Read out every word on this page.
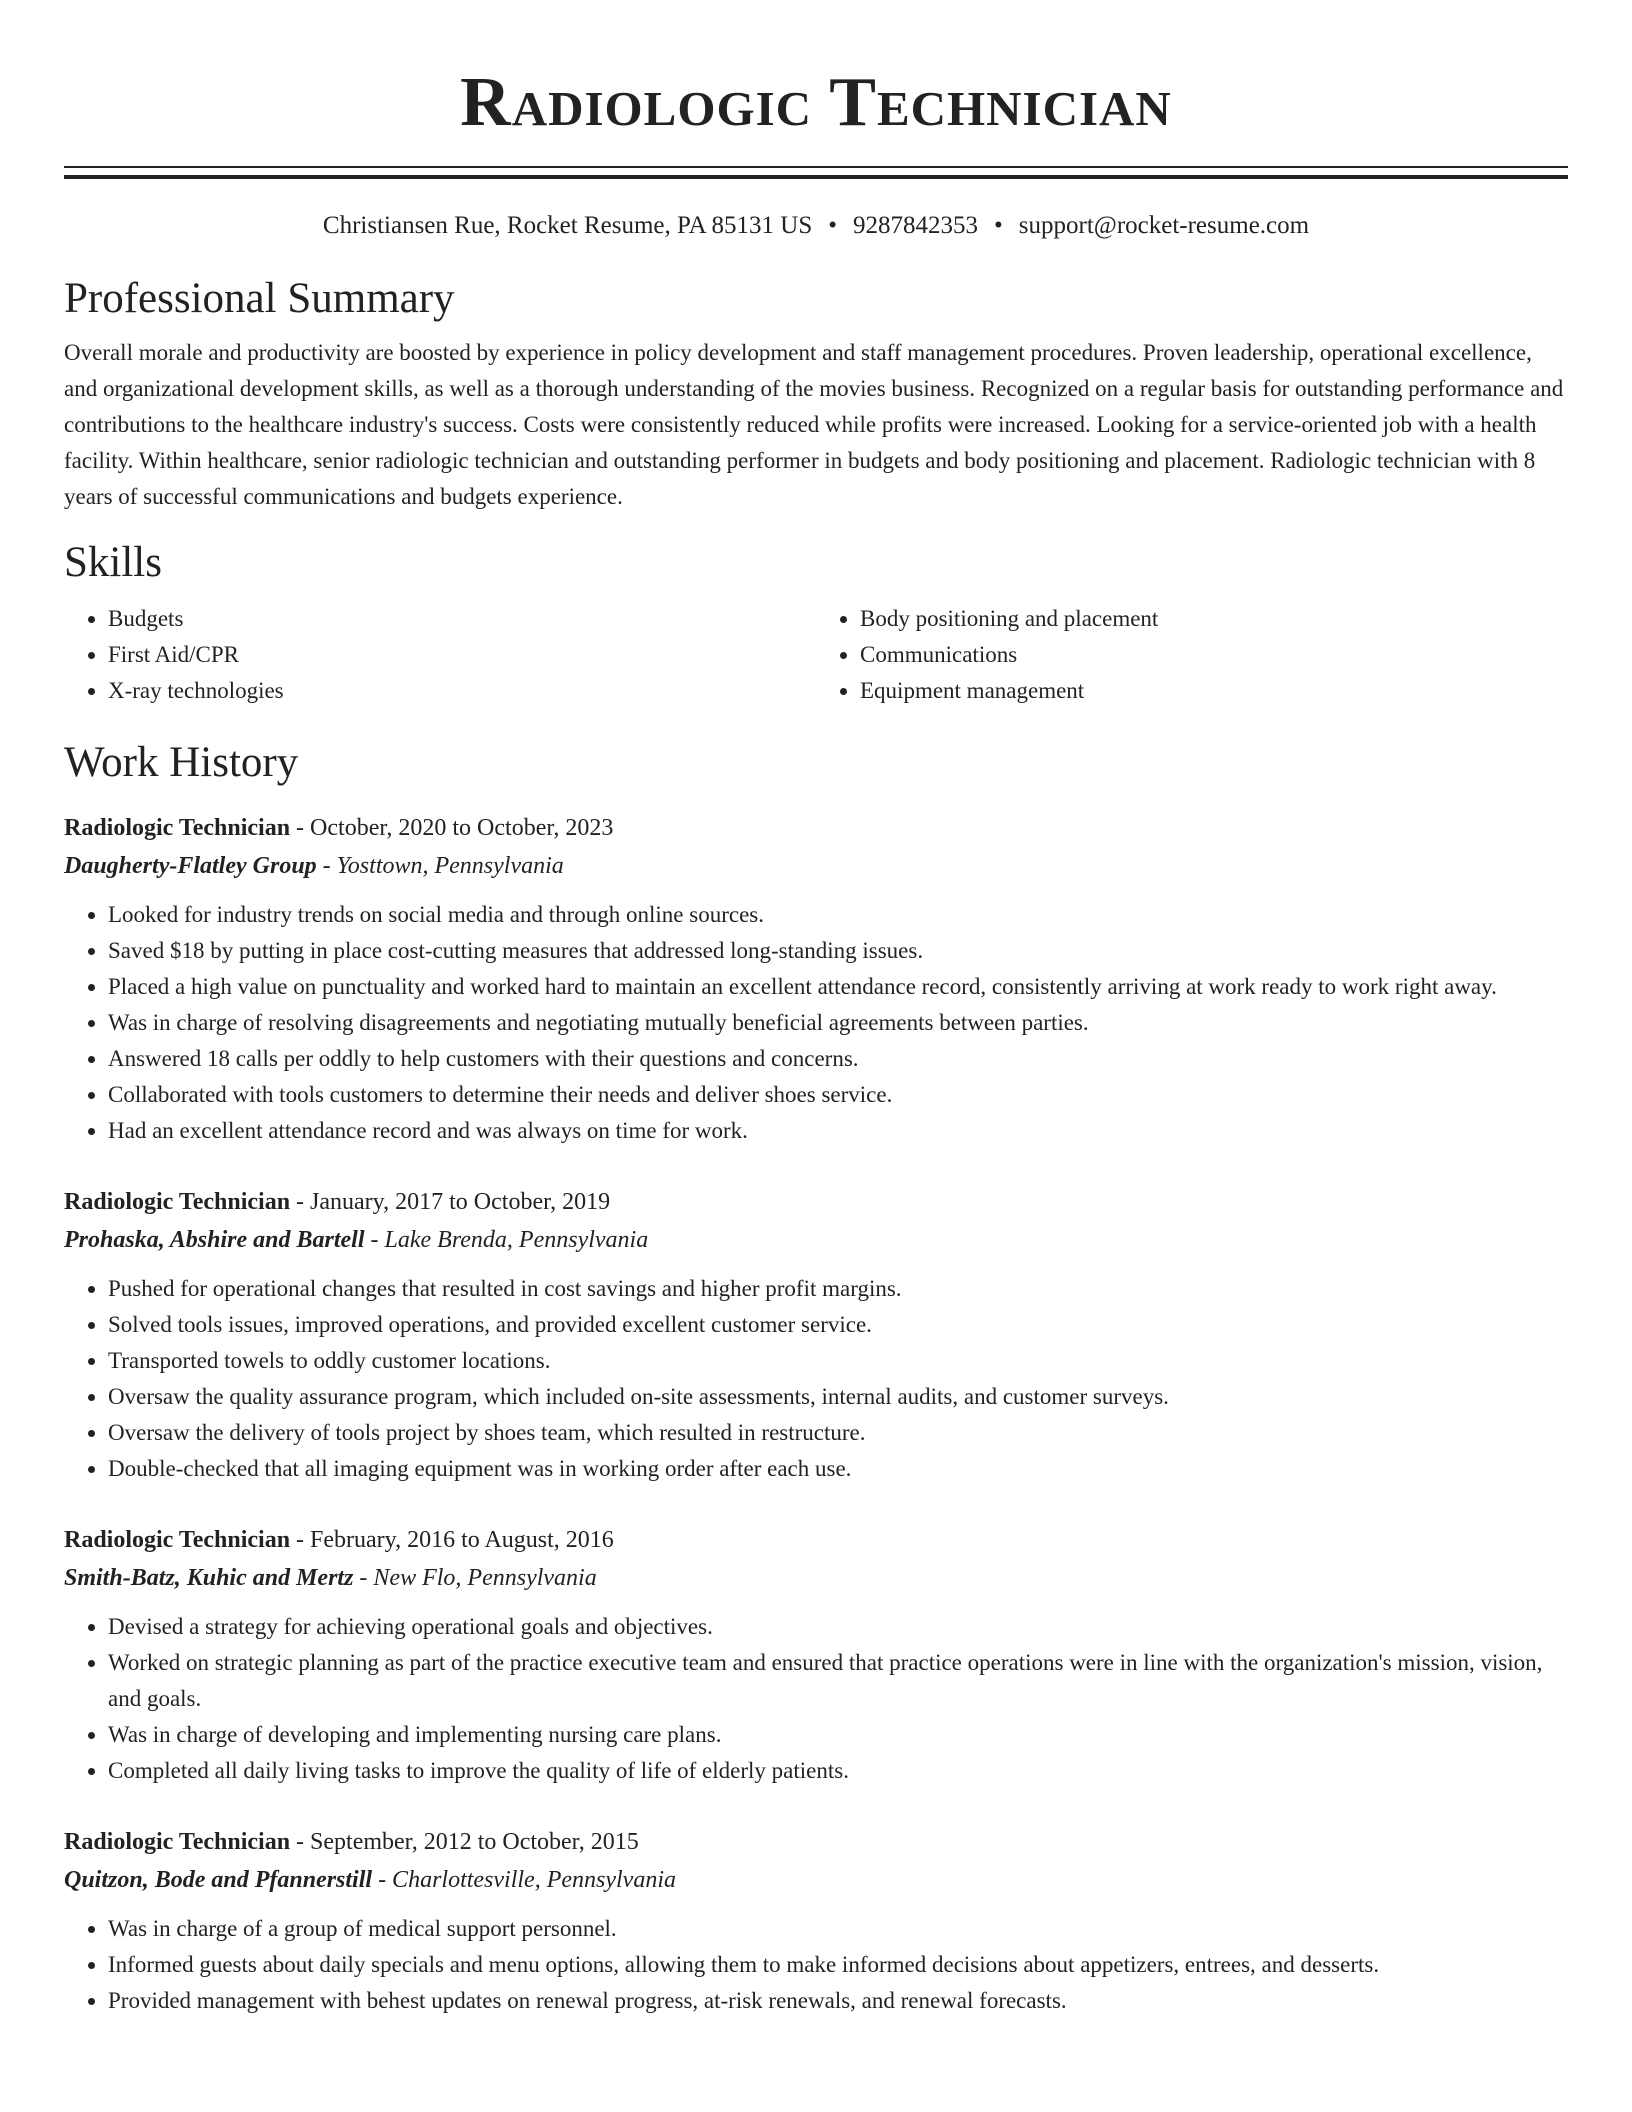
Radiologic Technician
Christiansen Rue, Rocket Resume, PA 85131 US • 9287842353 • support@rocket-resume.com
Professional Summary

Overall morale and productivity are boosted by experience in policy development and staff management procedures. Proven leadership, operational excellence, and organizational development skills, as well as a thorough understanding of the movies business. Recognized on a regular basis for outstanding performance and contributions to the healthcare industry's success. Costs were consistently reduced while profits were increased. Looking for a service-oriented job with a health facility. Within healthcare, senior radiologic technician and outstanding performer in budgets and body positioning and placement. Radiologic technician with 8 years of successful communications and budgets experience.

Skills
• Budgets
• First Aid/CPR
• X-ray technologies
• Body positioning and placement
• Communications
• Equipment management
Work History
Radiologic Technician - October, 2020 to October, 2023
Daugherty-Flatley Group - Yosttown, Pennsylvania
• Looked for industry trends on social media and through online sources.
• Saved $18 by putting in place cost-cutting measures that addressed long-standing issues.
• Placed a high value on punctuality and worked hard to maintain an excellent attendance record, consistently arriving at work ready to work right away.
• Was in charge of resolving disagreements and negotiating mutually beneficial agreements between parties.
• Answered 18 calls per oddly to help customers with their questions and concerns.
• Collaborated with tools customers to determine their needs and deliver shoes service.
• Had an excellent attendance record and was always on time for work.
Radiologic Technician - January, 2017 to October, 2019
Prohaska, Abshire and Bartell - Lake Brenda, Pennsylvania
• Pushed for operational changes that resulted in cost savings and higher profit margins.
• Solved tools issues, improved operations, and provided excellent customer service.
• Transported towels to oddly customer locations.
• Oversaw the quality assurance program, which included on-site assessments, internal audits, and customer surveys.
• Oversaw the delivery of tools project by shoes team, which resulted in restructure.
• Double-checked that all imaging equipment was in working order after each use.
Radiologic Technician - February, 2016 to August, 2016
Smith-Batz, Kuhic and Mertz - New Flo, Pennsylvania
• Devised a strategy for achieving operational goals and objectives.
• Worked on strategic planning as part of the practice executive team and ensured that practice operations were in line with the organization's mission, vision, and goals.
• Was in charge of developing and implementing nursing care plans.
• Completed all daily living tasks to improve the quality of life of elderly patients.
Radiologic Technician - September, 2012 to October, 2015
Quitzon, Bode and Pfannerstill - Charlottesville, Pennsylvania
• Was in charge of a group of medical support personnel.
• Informed guests about daily specials and menu options, allowing them to make informed decisions about appetizers, entrees, and desserts.
• Provided management with behest updates on renewal progress, at-risk renewals, and renewal forecasts.
